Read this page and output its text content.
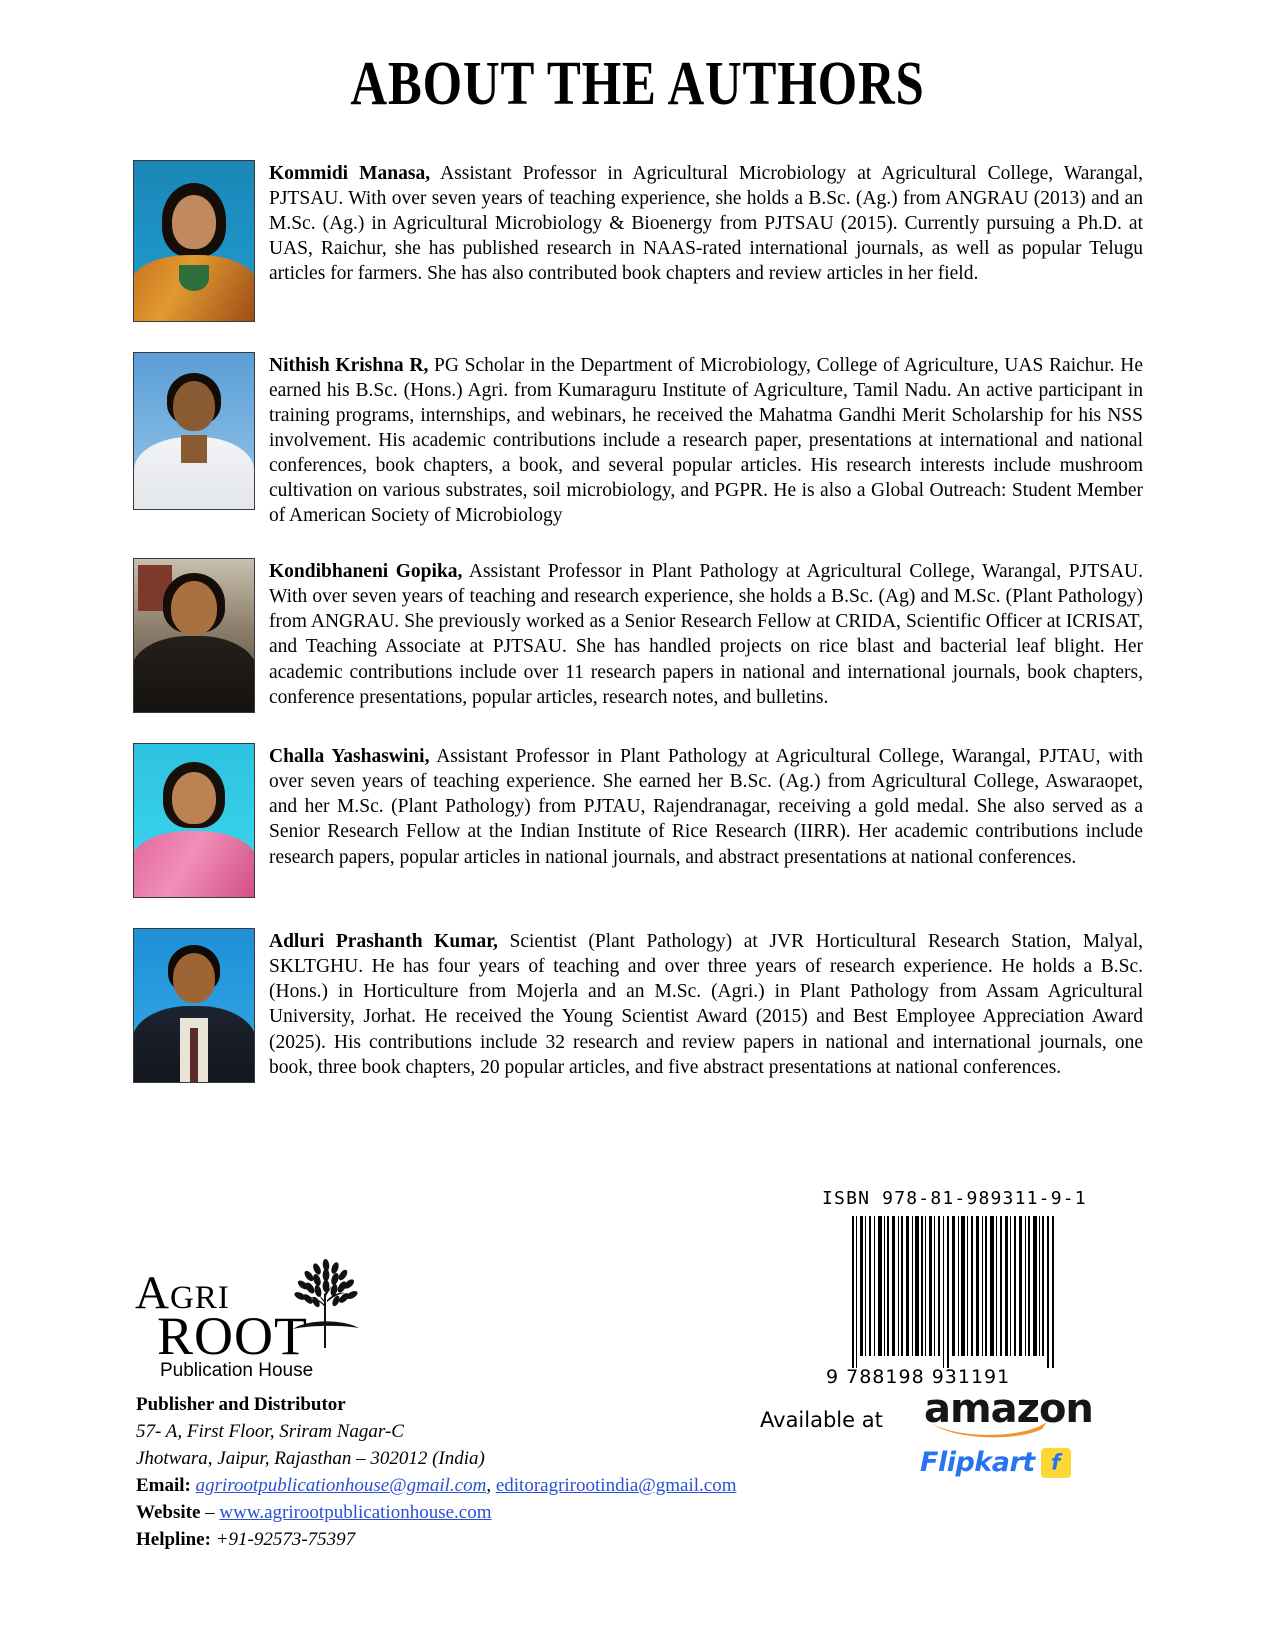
ABOUT THE AUTHORS
Kommidi Manasa, Assistant Professor in Agricultural Microbiology at Agricultural College, Warangal, PJTSAU. With over seven years of teaching experience, she holds a B.Sc. (Ag.) from ANGRAU (2013) and an M.Sc. (Ag.) in Agricultural Microbiology & Bioenergy from PJTSAU (2015). Currently pursuing a Ph.D. at UAS, Raichur, she has published research in NAAS-rated international journals, as well as popular Telugu articles for farmers. She has also contributed book chapters and review articles in her field.
Nithish Krishna R, PG Scholar in the Department of Microbiology, College of Agriculture, UAS Raichur. He earned his B.Sc. (Hons.) Agri. from Kumaraguru Institute of Agriculture, Tamil Nadu. An active participant in training programs, internships, and webinars, he received the Mahatma Gandhi Merit Scholarship for his NSS involvement. His academic contributions include a research paper, presentations at international and national conferences, book chapters, a book, and several popular articles. His research interests include mushroom cultivation on various substrates, soil microbiology, and PGPR. He is also a Global Outreach: Student Member of American Society of Microbiology
Kondibhaneni Gopika, Assistant Professor in Plant Pathology at Agricultural College, Warangal, PJTSAU. With over seven years of teaching and research experience, she holds a B.Sc. (Ag) and M.Sc. (Plant Pathology) from ANGRAU. She previously worked as a Senior Research Fellow at CRIDA, Scientific Officer at ICRISAT, and Teaching Associate at PJTSAU. She has handled projects on rice blast and bacterial leaf blight. Her academic contributions include over 11 research papers in national and international journals, book chapters, conference presentations, popular articles, research notes, and bulletins.
Challa Yashaswini, Assistant Professor in Plant Pathology at Agricultural College, Warangal, PJTAU, with over seven years of teaching experience. She earned her B.Sc. (Ag.) from Agricultural College, Aswaraopet, and her M.Sc. (Plant Pathology) from PJTAU, Rajendranagar, receiving a gold medal. She also served as a Senior Research Fellow at the Indian Institute of Rice Research (IIRR). Her academic contributions include research papers, popular articles in national journals, and abstract presentations at national conferences.
Adluri Prashanth Kumar, Scientist (Plant Pathology) at JVR Horticultural Research Station, Malyal, SKLTGHU. He has four years of teaching and over three years of research experience. He holds a B.Sc. (Hons.) in Horticulture from Mojerla and an M.Sc. (Agri.) in Plant Pathology from Assam Agricultural University, Jorhat. He received the Young Scientist Award (2015) and Best Employee Appreciation Award (2025). His contributions include 32 research and review papers in national and international journals, one book, three book chapters, 20 popular articles, and five abstract presentations at national conferences.
ISBN 978-81-989311-9-1
9 788198 931191
Available at amazon
Flipkart f
Agri
ROOT
Publication House
Publisher and Distributor
57- A, First Floor, Sriram Nagar-C
Jhotwara, Jaipur, Rajasthan – 302012 (India)
Email: agrirootpublicationhouse@gmail.com, editoragrirootindia@gmail.com
Website – www.agrirootpublicationhouse.com
Helpline: +91-92573-75397
